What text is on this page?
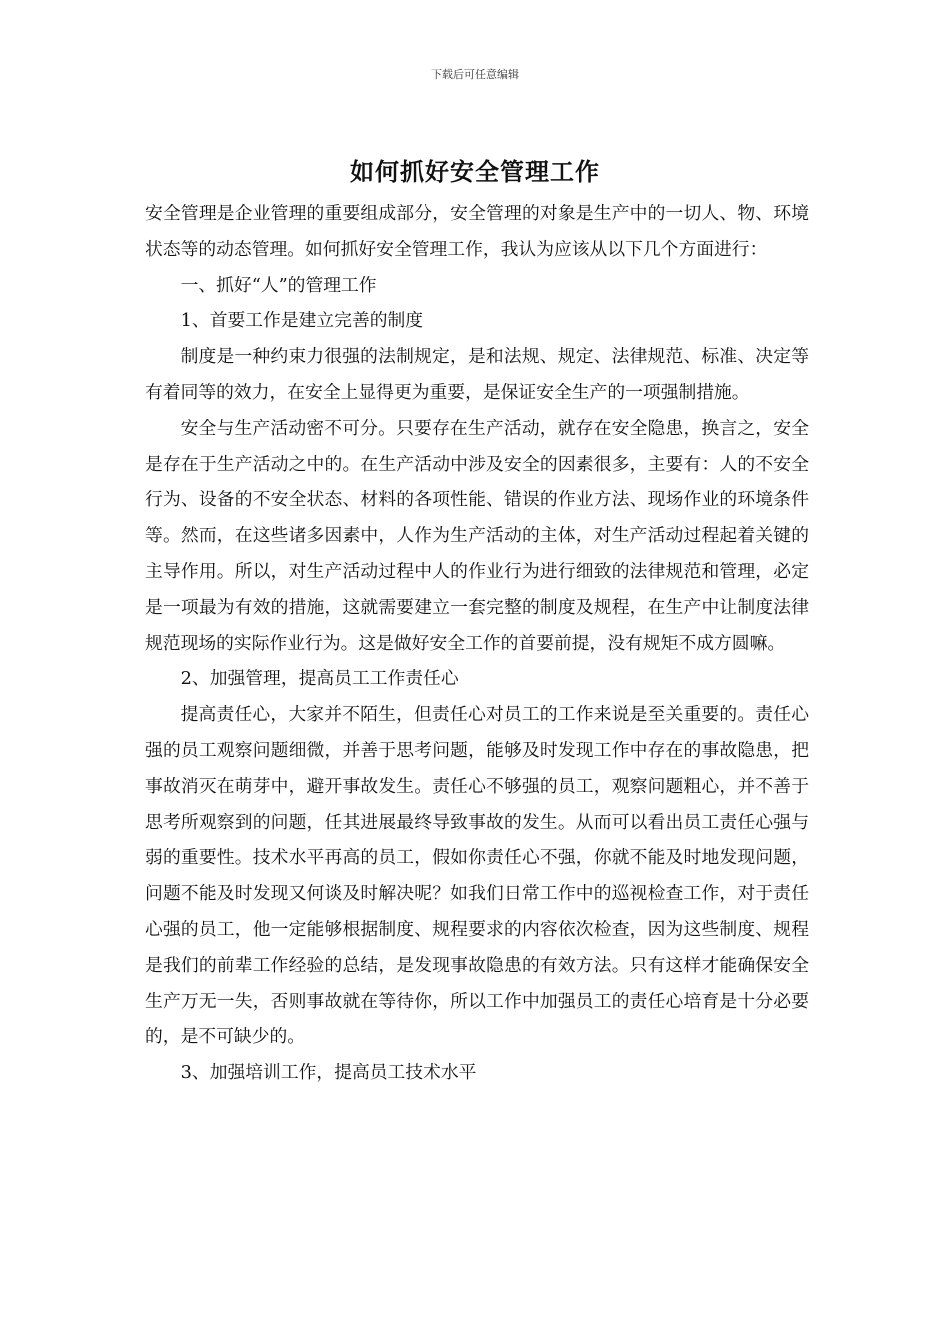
下载后可任意编辑
如何抓好安全管理工作

安全管理是企业管理的重要组成部分，安全管理的对象是生产中的一切人、物、环境状态等的动态管理。如何抓好安全管理工作，我认为应该从以下几个方面进行：

一、抓好“人”的管理工作

1、首要工作是建立完善的制度

制度是一种约束力很强的法制规定，是和法规、规定、法律规范、标准、决定等有着同等的效力，在安全上显得更为重要，是保证安全生产的一项强制措施。

安全与生产活动密不可分。只要存在生产活动，就存在安全隐患，换言之，安全是存在于生产活动之中的。在生产活动中涉及安全的因素很多，主要有：人的不安全行为、设备的不安全状态、材料的各项性能、错误的作业方法、现场作业的环境条件等。然而，在这些诸多因素中，人作为生产活动的主体，对生产活动过程起着关键的主导作用。所以，对生产活动过程中人的作业行为进行细致的法律规范和管理，必定是一项最为有效的措施，这就需要建立一套完整的制度及规程，在生产中让制度法律规范现场的实际作业行为。这是做好安全工作的首要前提，没有规矩不成方圆嘛。

2、加强管理，提高员工工作责任心

提高责任心，大家并不陌生，但责任心对员工的工作来说是至关重要的。责任心强的员工观察问题细微，并善于思考问题，能够及时发现工作中存在的事故隐患，把事故消灭在萌芽中，避开事故发生。责任心不够强的员工，观察问题粗心，并不善于思考所观察到的问题，任其进展最终导致事故的发生。从而可以看出员工责任心强与弱的重要性。技术水平再高的员工，假如你责任心不强，你就不能及时地发现问题，问题不能及时发现又何谈及时解决呢？如我们日常工作中的巡视检查工作，对于责任心强的员工，他一定能够根据制度、规程要求的内容依次检查，因为这些制度、规程是我们的前辈工作经验的总结，是发现事故隐患的有效方法。只有这样才能确保安全生产万无一失，否则事故就在等待你，所以工作中加强员工的责任心培育是十分必要的，是不可缺少的。

3、加强培训工作，提高员工技术水平
